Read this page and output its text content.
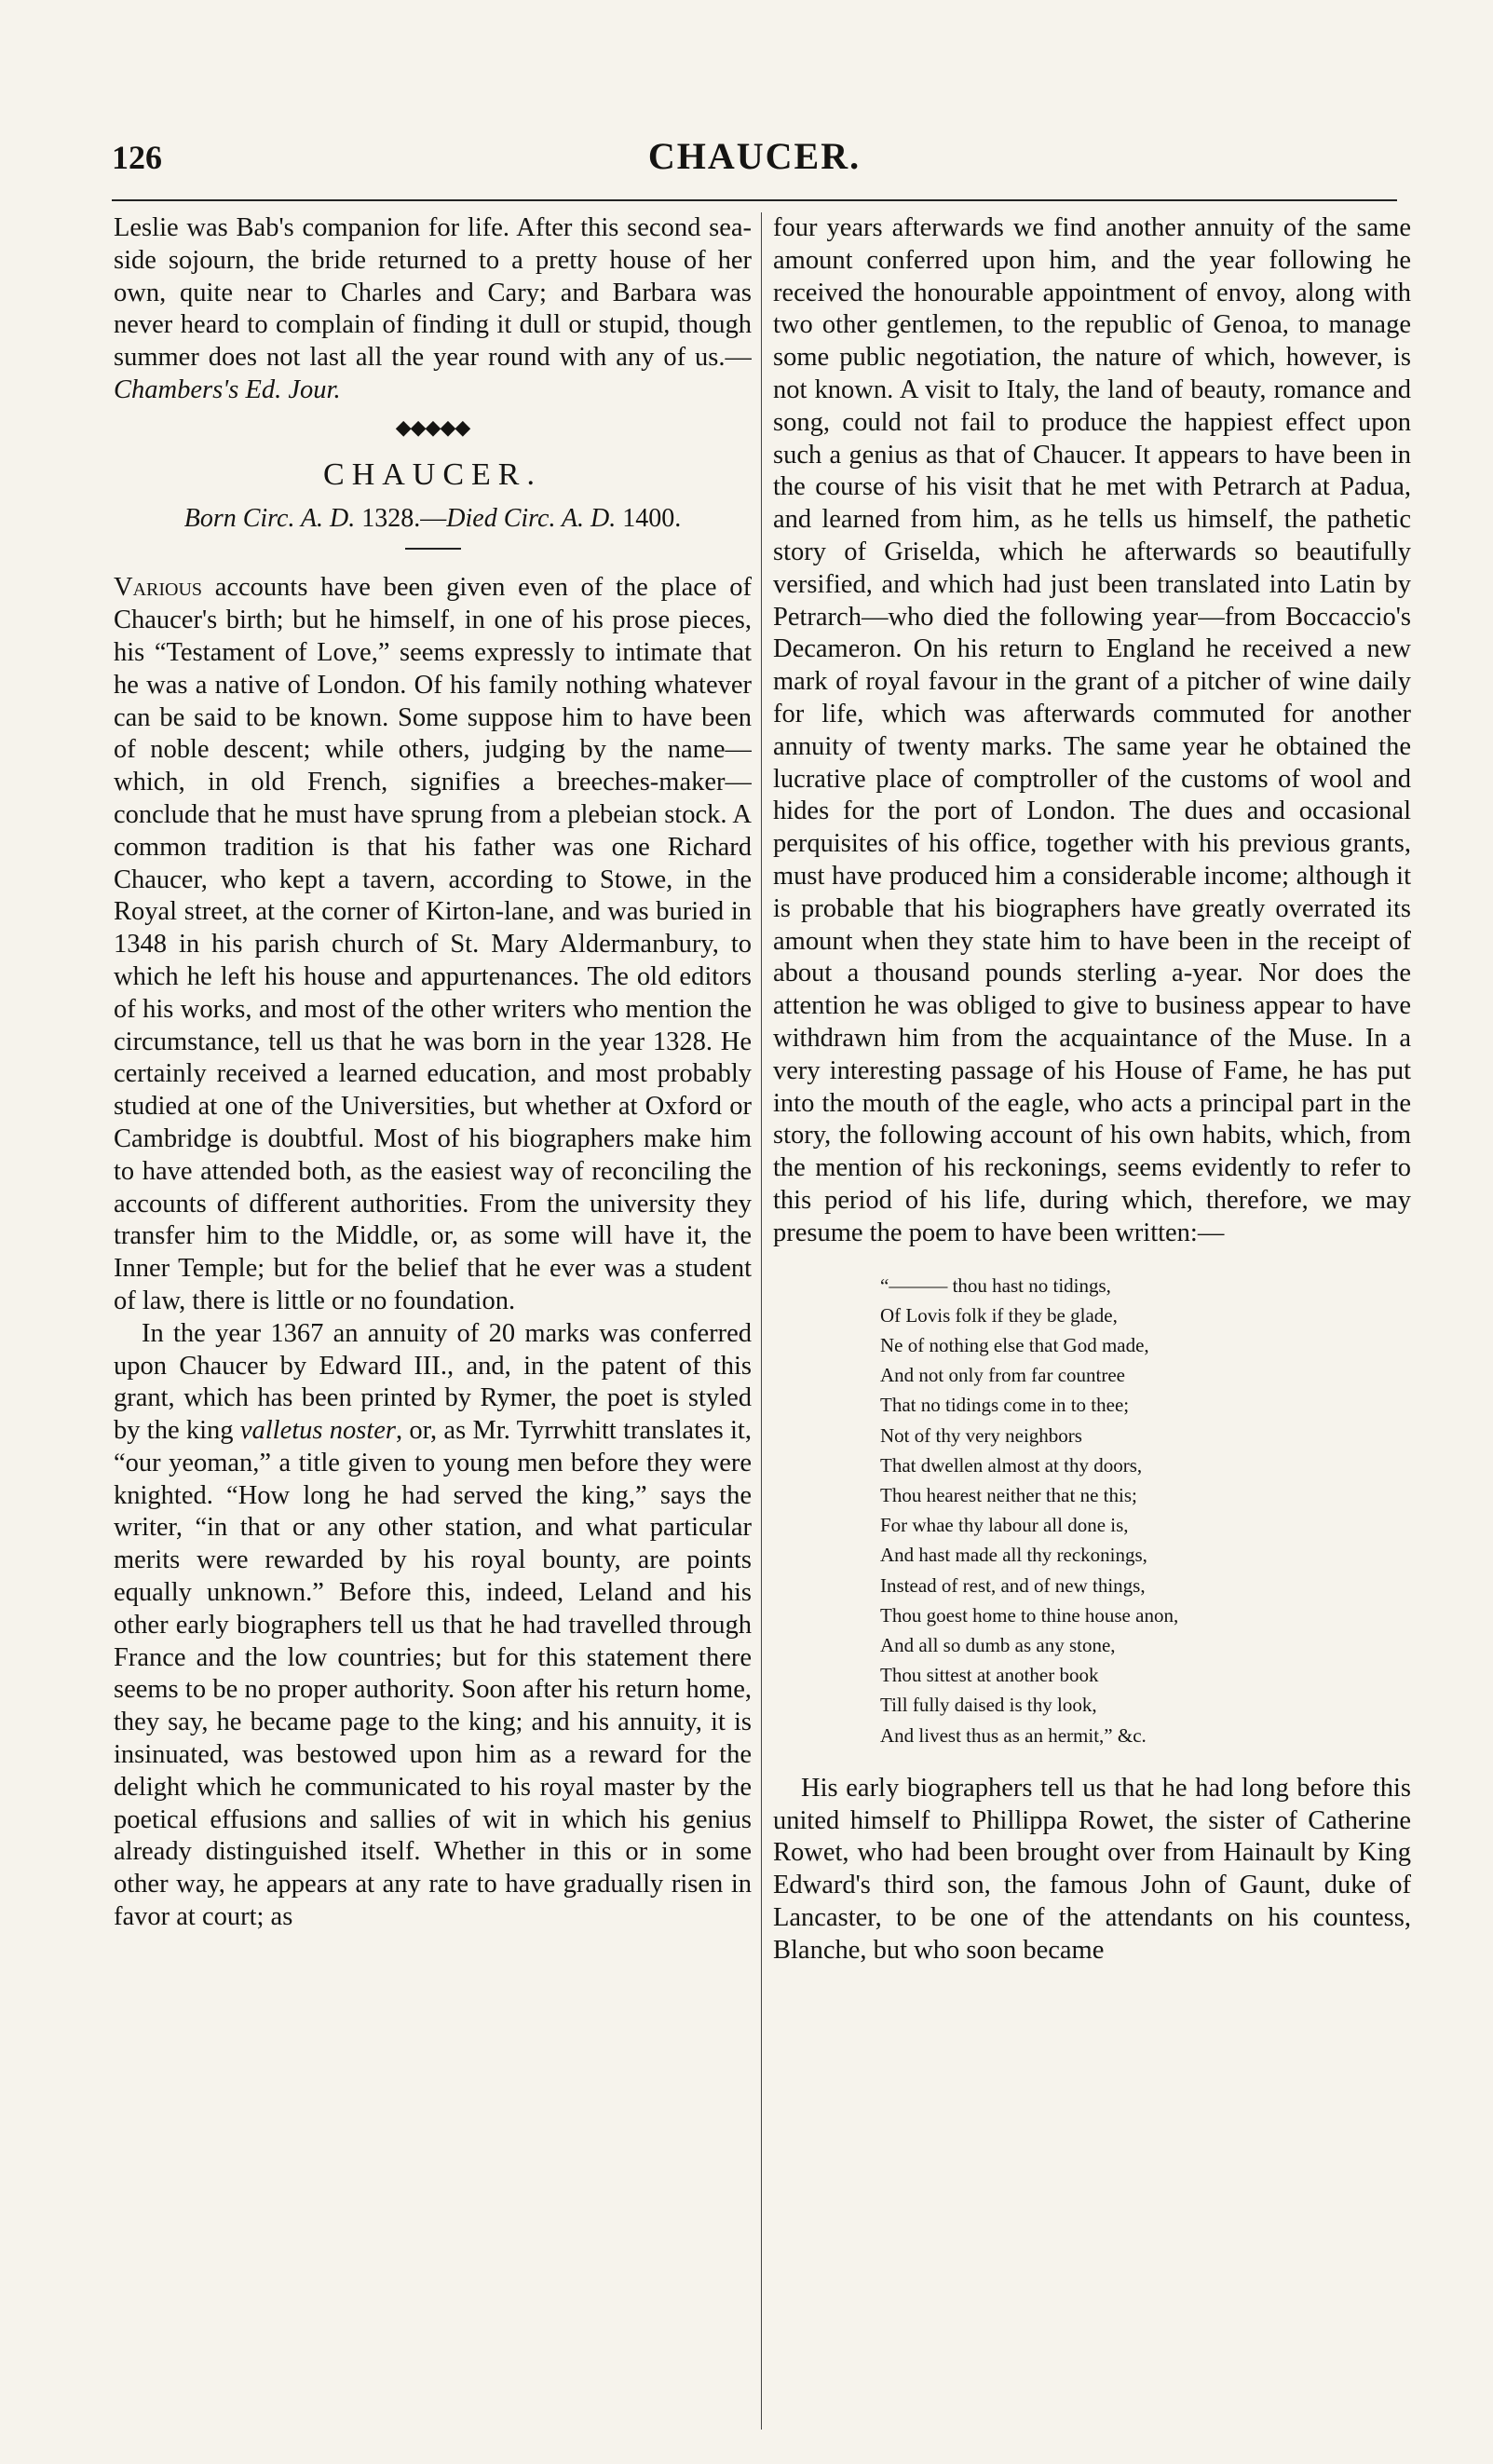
126	CHAUCER.

Leslie was Bab's companion for life. After this second sea-side sojourn, the bride returned to a pretty house of her own, quite near to Charles and Cary; and Barbara was never heard to complain of finding it dull or stupid, though summer does not last all the year round with any of us.— Chambers's Ed. Jour.

◆◆◆◆◆
CHAUCER.
Born Circ. A. D. 1328.—Died Circ. A. D. 1400.

Various accounts have been given even of the place of Chaucer's birth; but he himself, in one of his prose pieces, his “Testament of Love,” seems expressly to intimate that he was a native of London. Of his family nothing whatever can be said to be known. Some suppose him to have been of noble descent; while others, judging by the name—which, in old French, signifies a breeches-maker—conclude that he must have sprung from a plebeian stock. A common tradition is that his father was one Richard Chaucer, who kept a tavern, according to Stowe, in the Royal street, at the corner of Kirton-lane, and was buried in 1348 in his parish church of St. Mary Aldermanbury, to which he left his house and appurtenances. The old editors of his works, and most of the other writers who mention the circumstance, tell us that he was born in the year 1328. He certainly received a learned education, and most probably studied at one of the Universities, but whether at Oxford or Cambridge is doubtful. Most of his biographers make him to have attended both, as the easiest way of reconciling the accounts of different authorities. From the university they transfer him to the Middle, or, as some will have it, the Inner Temple; but for the belief that he ever was a student of law, there is little or no foundation.

In the year 1367 an annuity of 20 marks was conferred upon Chaucer by Edward III., and, in the patent of this grant, which has been printed by Rymer, the poet is styled by the king valletus noster, or, as Mr. Tyrrwhitt translates it, “our yeoman,” a title given to young men before they were knighted. “How long he had served the king,” says the writer, “in that or any other station, and what particular merits were rewarded by his royal bounty, are points equally unknown.” Before this, indeed, Leland and his other early biographers tell us that he had travelled through France and the low countries; but for this statement there seems to be no proper authority. Soon after his return home, they say, he became page to the king; and his annuity, it is insinuated, was bestowed upon him as a reward for the delight which he communicated to his royal master by the poetical effusions and sallies of wit in which his genius already distinguished itself. Whether in this or in some other way, he appears at any rate to have gradually risen in favor at court; as

four years afterwards we find another annuity of the same amount conferred upon him, and the year following he received the honourable appointment of envoy, along with two other gentlemen, to the republic of Genoa, to manage some public negotiation, the nature of which, however, is not known. A visit to Italy, the land of beauty, romance and song, could not fail to produce the happiest effect upon such a genius as that of Chaucer. It appears to have been in the course of his visit that he met with Petrarch at Padua, and learned from him, as he tells us himself, the pathetic story of Griselda, which he afterwards so beautifully versified, and which had just been translated into Latin by Petrarch—who died the following year—from Boccaccio's Decameron. On his return to England he received a new mark of royal favour in the grant of a pitcher of wine daily for life, which was afterwards commuted for another annuity of twenty marks. The same year he obtained the lucrative place of comptroller of the customs of wool and hides for the port of London. The dues and occasional perquisites of his office, together with his previous grants, must have produced him a considerable income; although it is probable that his biographers have greatly overrated its amount when they state him to have been in the receipt of about a thousand pounds sterling a-year. Nor does the attention he was obliged to give to business appear to have withdrawn him from the acquaintance of the Muse. In a very interesting passage of his House of Fame, he has put into the mouth of the eagle, who acts a principal part in the story, the following account of his own habits, which, from the mention of his reckonings, seems evidently to refer to this period of his life, during which, therefore, we may presume the poem to have been written:—

“——— thou hast no tidings,
Of Lovis folk if they be glade,
Ne of nothing else that God made,
And not only from far countree
That no tidings come in to thee;
Not of thy very neighbors
That dwellen almost at thy doors,
Thou hearest neither that ne this;
For whae thy labour all done is,
And hast made all thy reckonings,
Instead of rest, and of new things,
Thou goest home to thine house anon,
And all so dumb as any stone,
Thou sittest at another book
Till fully daised is thy look,
And livest thus as an hermit,” &c.

His early biographers tell us that he had long before this united himself to Phillippa Rowet, the sister of Catherine Rowet, who had been brought over from Hainault by King Edward's third son, the famous John of Gaunt, duke of Lancaster, to be one of the attendants on his countess, Blanche, but who soon became
